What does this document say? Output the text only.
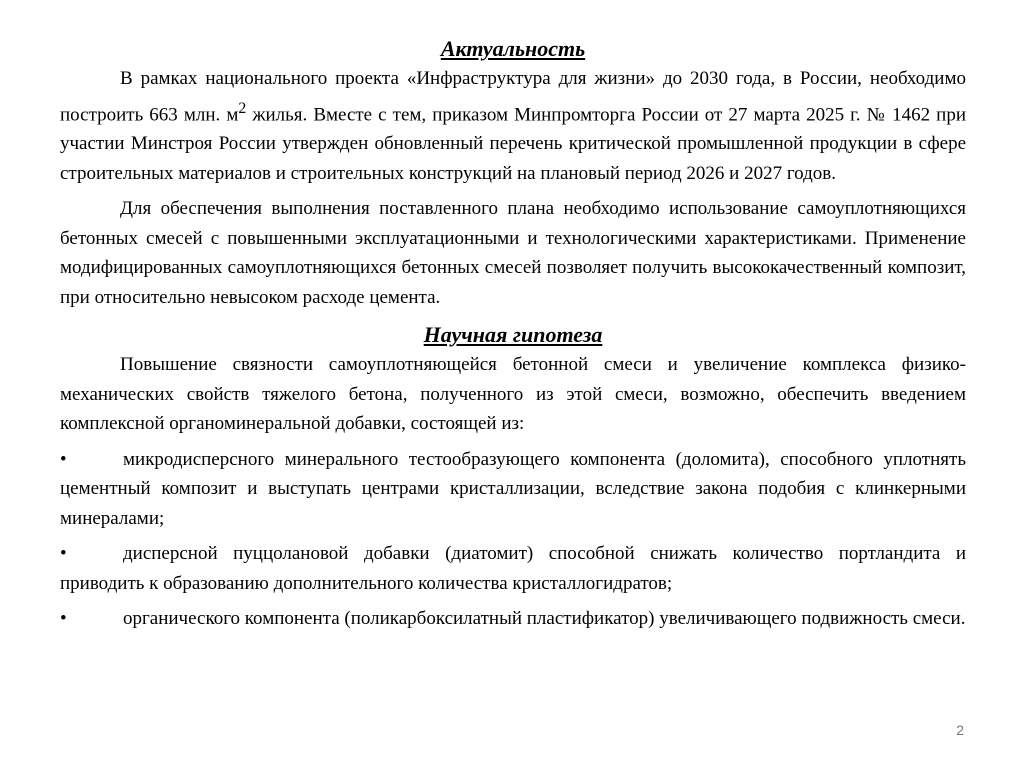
Актуальность

В рамках национального проекта «Инфраструктура для жизни» до 2030 года, в России, необходимо построить 663 млн. $м^2$ жилья. Вместе с тем, приказом Минпромторга России от 27 марта 2025 г. № 1462 при участии Минстроя России утвержден обновленный перечень критической промышленной продукции в сфере строительных материалов и строительных конструкций на плановый период 2026 и 2027 годов.

Для обеспечения выполнения поставленного плана необходимо использование самоуплотняющихся бетонных смесей с повышенными эксплуатационными и технологическими характеристиками. Применение модифицированных самоуплотняющихся бетонных смесей позволяет получить высококачественный композит, при относительно невысоком расходе цемента.

Научная гипотеза

Повышение связности самоуплотняющейся бетонной смеси и увеличение комплекса физико-механических свойств тяжелого бетона, полученного из этой смеси, возможно, обеспечить введением комплексной органоминеральной добавки, состоящей из:

•	микродисперсного минерального тестообразующего компонента (доломита), способного уплотнять цементный композит и выступать центрами кристаллизации, вследствие закона подобия с клинкерными минералами;
•	дисперсной пуццолановой добавки (диатомит) способной снижать количество портландита и приводить к образованию дополнительного количества кристаллогидратов;
•	органического компонента (поликарбоксилатный пластификатор) увеличивающего подвижность смеси.
2
